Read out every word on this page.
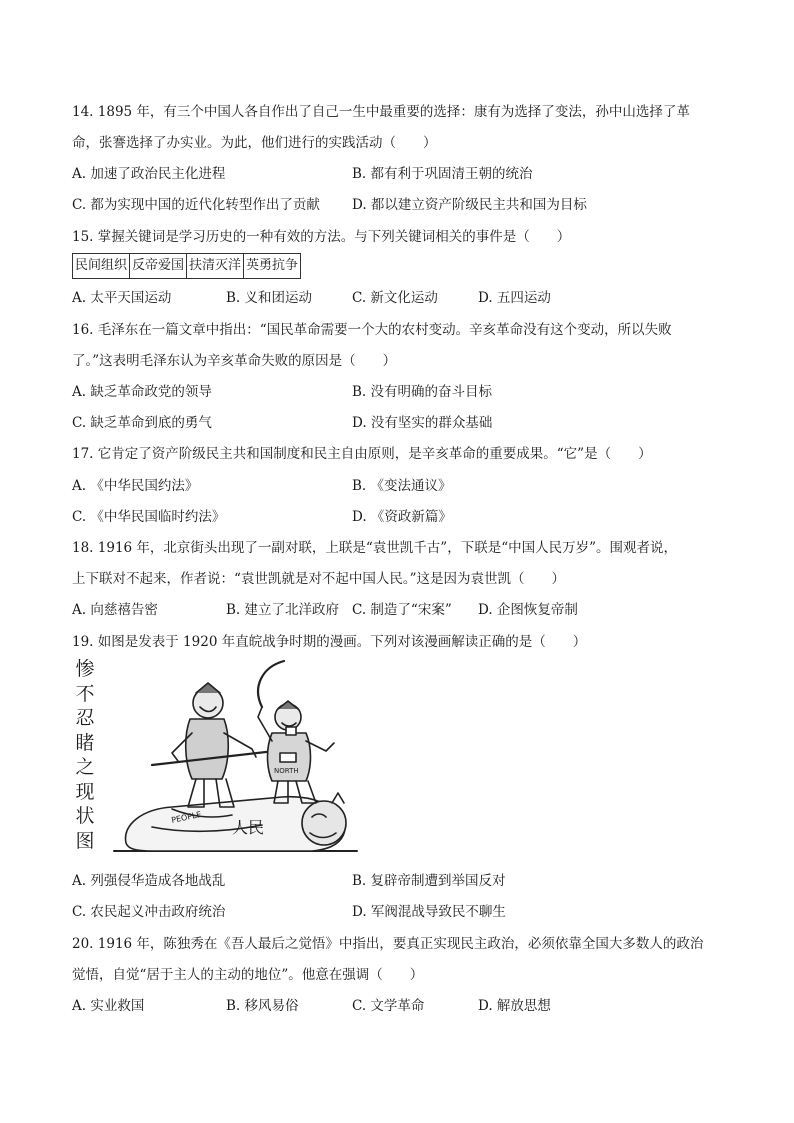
14. 1895 年，有三个中国人各自作出了自己一生中最重要的选择：康有为选择了变法，孙中山选择了革
命，张謇选择了办实业。为此，他们进行的实践活动（　　）
A. 加速了政治民主化进程	B. 都有利于巩固清王朝的统治
C. 都为实现中国的近代化转型作出了贡献 D. 都以建立资产阶级民主共和国为目标
15. 掌握关键词是学习历史的一种有效的方法。与下列关键词相关的事件是（　　）
民间组织	反帝爱国	扶清灭洋	英勇抗争
A. 太平天国运动	B. 义和团运动	C. 新文化运动	D. 五四运动
16. 毛泽东在一篇文章中指出：“国民革命需要一个大的农村变动。辛亥革命没有这个变动，所以失败
了。”这表明毛泽东认为辛亥革命失败的原因是（　　）
A. 缺乏革命政党的领导	B. 没有明确的奋斗目标
C. 缺乏革命到底的勇气	D. 没有坚实的群众基础
17. 它肯定了资产阶级民主共和国制度和民主自由原则，是辛亥革命的重要成果。“它”是（　　）
A. 《中华民国约法》	B. 《变法通议》
C. 《中华民国临时约法》	D. 《资政新篇》
18. 1916 年，北京街头出现了一副对联，上联是“袁世凯千古”，下联是“中国人民万岁”。围观者说，
上下联对不起来，作者说：“袁世凯就是对不起中国人民。”这是因为袁世凯（　　）
A. 向慈禧告密	B. 建立了北洋政府 C. 制造了“宋案” D. 企图恢复帝制
19. 如图是发表于 1920 年直皖战争时期的漫画。下列对该漫画解读正确的是（　　）
惨
不
忍
睹
之
现
状
图
NORTH
PEOPLE
人民
A. 列强侵华造成各地战乱	B. 复辟帝制遭到举国反对
C. 农民起义冲击政府统治	D. 军阀混战导致民不聊生
20. 1916 年，陈独秀在《吾人最后之觉悟》中指出，要真正实现民主政治，必须依靠全国大多数人的政治
觉悟，自觉“居于主人的主动的地位”。他意在强调（　　）
A. 实业救国	B. 移风易俗	C. 文学革命	D. 解放思想
